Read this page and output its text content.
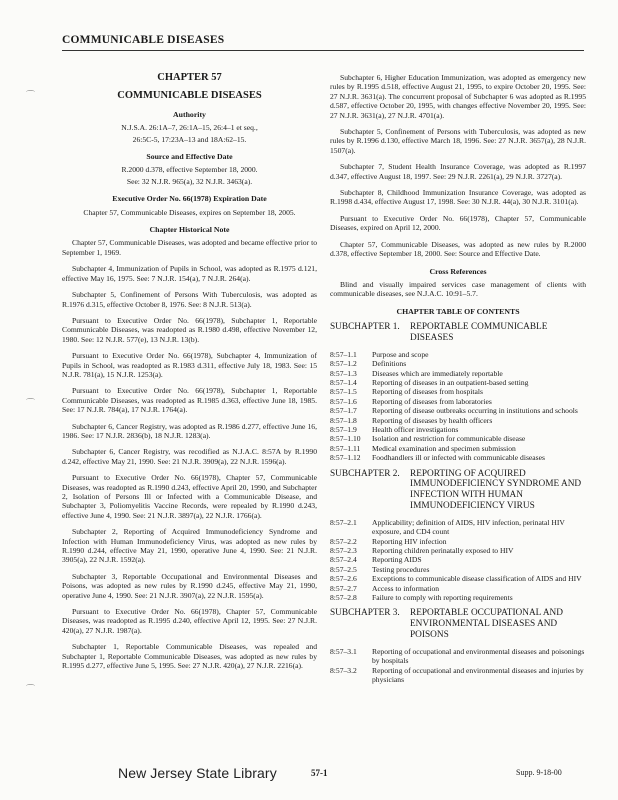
COMMUNICABLE DISEASES
⌒
⌒
⌒
CHAPTER 57
COMMUNICABLE DISEASES
Authority
N.J.S.A. 26:1A–7, 26:1A–15, 26:4–1 et seq.,
26:5C-5, 17:23A–13 and 18A:62–15.
Source and Effective Date
R.2000 d.378, effective September 18, 2000.
See: 32 N.J.R. 965(a), 32 N.J.R. 3463(a).
Executive Order No. 66(1978) Expiration Date
Chapter 57, Communicable Diseases, expires on September 18, 2005.
Chapter Historical Note

Chapter 57, Communicable Diseases, was adopted and became effective prior to September 1, 1969.

Subchapter 4, Immunization of Pupils in School, was adopted as R.1975 d.121, effective May 16, 1975. See: 7 N.J.R. 154(a), 7 N.J.R. 264(a).

Subchapter 5, Confinement of Persons With Tuberculosis, was adopted as R.1976 d.315, effective October 8, 1976. See: 8 N.J.R. 513(a).

Pursuant to Executive Order No. 66(1978), Subchapter 1, Reportable Communicable Diseases, was readopted as R.1980 d.498, effective November 12, 1980. See: 12 N.J.R. 577(e), 13 N.J.R. 13(b).

Pursuant to Executive Order No. 66(1978), Subchapter 4, Immunization of Pupils in School, was readopted as R.1983 d.311, effective July 18, 1983. See: 15 N.J.R. 781(a), 15 N.J.R. 1253(a).

Pursuant to Executive Order No. 66(1978), Subchapter 1, Reportable Communicable Diseases, was readopted as R.1985 d.363, effective June 18, 1985. See: 17 N.J.R. 784(a), 17 N.J.R. 1764(a).

Subchapter 6, Cancer Registry, was adopted as R.1986 d.277, effective June 16, 1986. See: 17 N.J.R. 2836(b), 18 N.J.R. 1283(a).

Subchapter 6, Cancer Registry, was recodified as N.J.A.C. 8:57A by R.1990 d.242, effective May 21, 1990. See: 21 N.J.R. 3909(a), 22 N.J.R. 1596(a).

Pursuant to Executive Order No. 66(1978), Chapter 57, Communicable Diseases, was readopted as R.1990 d.243, effective April 20, 1990, and Subchapter 2, Isolation of Persons Ill or Infected with a Communicable Disease, and Subchapter 3, Poliomyelitis Vaccine Records, were repealed by R.1990 d.243, effective June 4, 1990. See: 21 N.J.R. 3897(a), 22 N.J.R. 1766(a).

Subchapter 2, Reporting of Acquired Immunodeficiency Syndrome and Infection with Human Immunodeficiency Virus, was adopted as new rules by R.1990 d.244, effective May 21, 1990, operative June 4, 1990. See: 21 N.J.R. 3905(a), 22 N.J.R. 1592(a).

Subchapter 3, Reportable Occupational and Environmental Diseases and Poisons, was adopted as new rules by R.1990 d.245, effective May 21, 1990, operative June 4, 1990. See: 21 N.J.R. 3907(a), 22 N.J.R. 1595(a).

Pursuant to Executive Order No. 66(1978), Chapter 57, Communicable Diseases, was readopted as R.1995 d.240, effective April 12, 1995. See: 27 N.J.R. 420(a), 27 N.J.R. 1987(a).

Subchapter 1, Reportable Communicable Diseases, was repealed and Subchapter 1, Reportable Communicable Diseases, was adopted as new rules by R.1995 d.277, effective June 5, 1995. See: 27 N.J.R. 420(a), 27 N.J.R. 2216(a).

Subchapter 6, Higher Education Immunization, was adopted as emergency new rules by R.1995 d.518, effective August 21, 1995, to expire October 20, 1995. See: 27 N.J.R. 3631(a). The concurrent proposal of Subchapter 6 was adopted as R.1995 d.587, effective October 20, 1995, with changes effective November 20, 1995. See: 27 N.J.R. 3631(a), 27 N.J.R. 4701(a).

Subchapter 5, Confinement of Persons with Tuberculosis, was adopted as new rules by R.1996 d.130, effective March 18, 1996. See: 27 N.J.R. 3657(a), 28 N.J.R. 1507(a).

Subchapter 7, Student Health Insurance Coverage, was adopted as R.1997 d.347, effective August 18, 1997. See: 29 N.J.R. 2261(a), 29 N.J.R. 3727(a).

Subchapter 8, Childhood Immunization Insurance Coverage, was adopted as R.1998 d.434, effective August 17, 1998. See: 30 N.J.R. 44(a), 30 N.J.R. 3101(a).

Pursuant to Executive Order No. 66(1978), Chapter 57, Communicable Diseases, expired on April 12, 2000.

Chapter 57, Communicable Diseases, was adopted as new rules by R.2000 d.378, effective September 18, 2000. See: Source and Effective Date.

Cross References

Blind and visually impaired services case management of clients with communicable diseases, see N.J.A.C. 10:91–5.7.

CHAPTER TABLE OF CONTENTS
SUBCHAPTER 1. REPORTABLE COMMUNICABLE
DISEASES
8:57–1.1	Purpose and scope
8:57–1.2	Definitions
8:57–1.3	Diseases which are immediately reportable
8:57–1.4	Reporting of diseases in an outpatient-based setting
8:57–1.5	Reporting of diseases from hospitals
8:57–1.6	Reporting of diseases from laboratories
8:57–1.7	Reporting of disease outbreaks occurring in institutions and schools
8:57–1.8	Reporting of diseases by health officers
8:57–1.9	Health officer investigations
8:57–1.10	Isolation and restriction for communicable disease
8:57–1.11	Medical examination and specimen submission
8:57–1.12	Foodhandlers ill or infected with communicable diseases
SUBCHAPTER 2. REPORTING OF ACQUIRED
IMMUNODEFICIENCY SYNDROME AND
INFECTION WITH HUMAN
IMMUNODEFICIENCY VIRUS
8:57–2.1	Applicability; definition of AIDS, HIV infection, perinatal HIV exposure, and CD4 count
8:57–2.2	Reporting HIV infection
8:57–2.3	Reporting children perinatally exposed to HIV
8:57–2.4	Reporting AIDS
8:57–2.5	Testing procedures
8:57–2.6	Exceptions to communicable disease classification of AIDS and HIV
8:57–2.7	Access to information
8:57–2.8	Failure to comply with reporting requirements
SUBCHAPTER 3. REPORTABLE OCCUPATIONAL AND
ENVIRONMENTAL DISEASES AND POISONS
8:57–3.1	Reporting of occupational and environmental diseases and poisonings by hospitals
8:57–3.2	Reporting of occupational and environmental diseases and injuries by physicians
New Jersey State Library	57-1	Supp. 9-18-00
